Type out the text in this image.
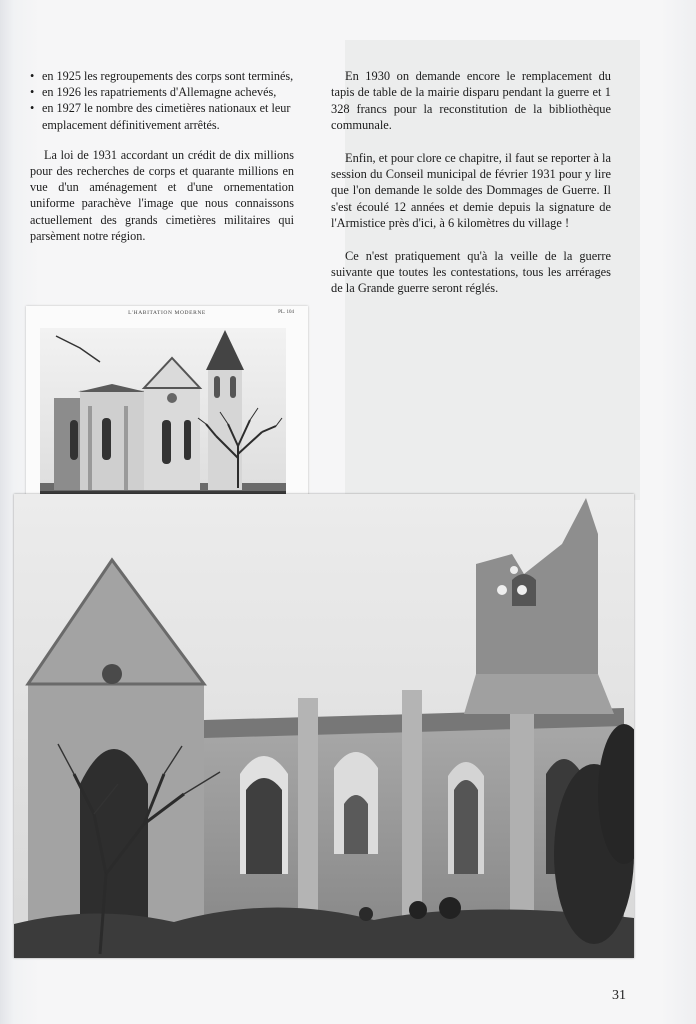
• en 1925 les regroupements des corps sont terminés,
• en 1926 les rapatriements d'Allemagne achevés,
• en 1927 le nombre des cimetières nationaux et leur emplacement définitivement arrêtés.

La loi de 1931 accordant un crédit de dix millions pour des recherches de corps et quarante millions en vue d'un aménagement et d'une ornementation uniforme parachève l'image que nous connaissons actuellement des grands cimetières militaires qui parsèment notre région.

En 1930 on demande encore le remplacement du tapis de table de la mairie disparu pendant la guerre et 1 328 francs pour la reconstitution de la bibliothèque communale.

Enfin, et pour clore ce chapitre, il faut se reporter à la session du Conseil municipal de février 1931 pour y lire que l'on demande le solde des Dommages de Guerre. Il s'est écoulé 12 années et demie depuis la signature de l'Armistice près d'ici, à 6 kilomètres du village !

Ce n'est pratiquement qu'à la veille de la guerre suivante que toutes les contestations, tous les arrérages de la Grande guerre seront réglés.

L'HABITATION MODERNE	PL. 104
31
